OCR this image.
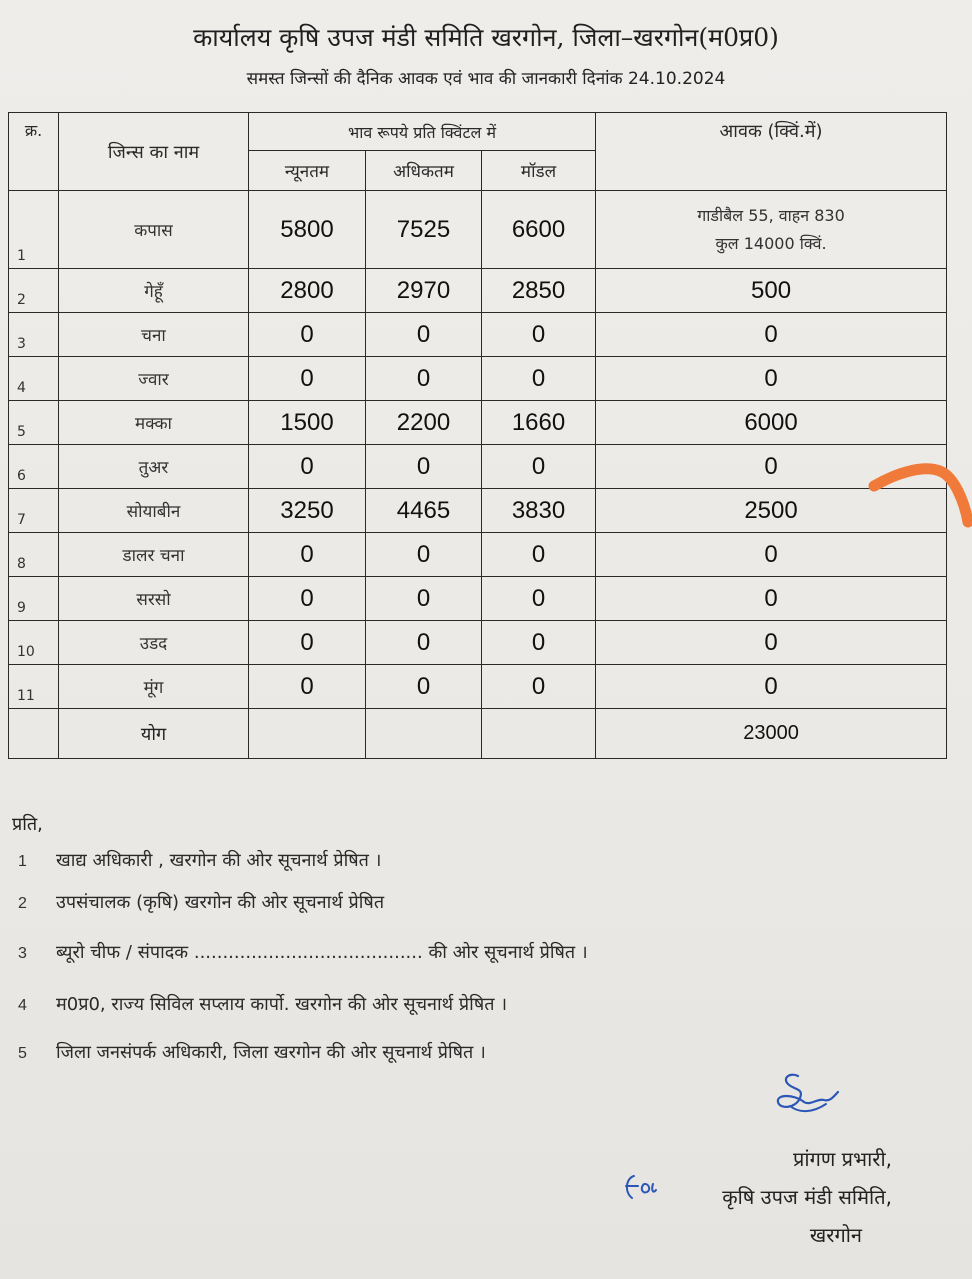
कार्यालय कृषि उपज मंडी समिति खरगोन, जिला–खरगोन(म0प्र0)
समस्त जिन्सों की दैनिक आवक एवं भाव की जानकारी दिनांक 24.10.2024
क्र.	जिन्स का नाम	भाव रूपये प्रति क्विंटल में			आवक (क्विं.में)
		न्यूनतम	अधिकतम	मॉडल	
1	कपास	5800	7525	6600	गाडीबैल 55, वाहन 830
कुल 14000 क्विं.

2	गेहूँ	2800	2970	2850	500
3	चना	0	0	0	0
4	ज्वार	0	0	0	0
5	मक्का	1500	2200	1660	6000
6	तुअर	0	0	0	0
7	सोयाबीन	3250	4465	3830	2500
8	डालर चना	0	0	0	0
9	सरसो	0	0	0	0
10	उडद	0	0	0	0
11	मूंग	0	0	0	0
	योग				23000
प्रति,
1 खाद्य अधिकारी , खरगोन की ओर सूचनार्थ प्रेषित ।
2 उपसंचालक (कृषि) खरगोन की ओर सूचनार्थ प्रेषित
3 ब्यूरो चीफ / संपादक ........................................ की ओर सूचनार्थ प्रेषित ।
4 म0प्र0, राज्य सिविल सप्लाय कार्पो. खरगोन की ओर सूचनार्थ प्रेषित ।
5 जिला जनसंपर्क अधिकारी, जिला खरगोन की ओर सूचनार्थ प्रेषित ।
प्रांगण प्रभारी,
कृषि उपज मंडी समिति,
खरगोन
